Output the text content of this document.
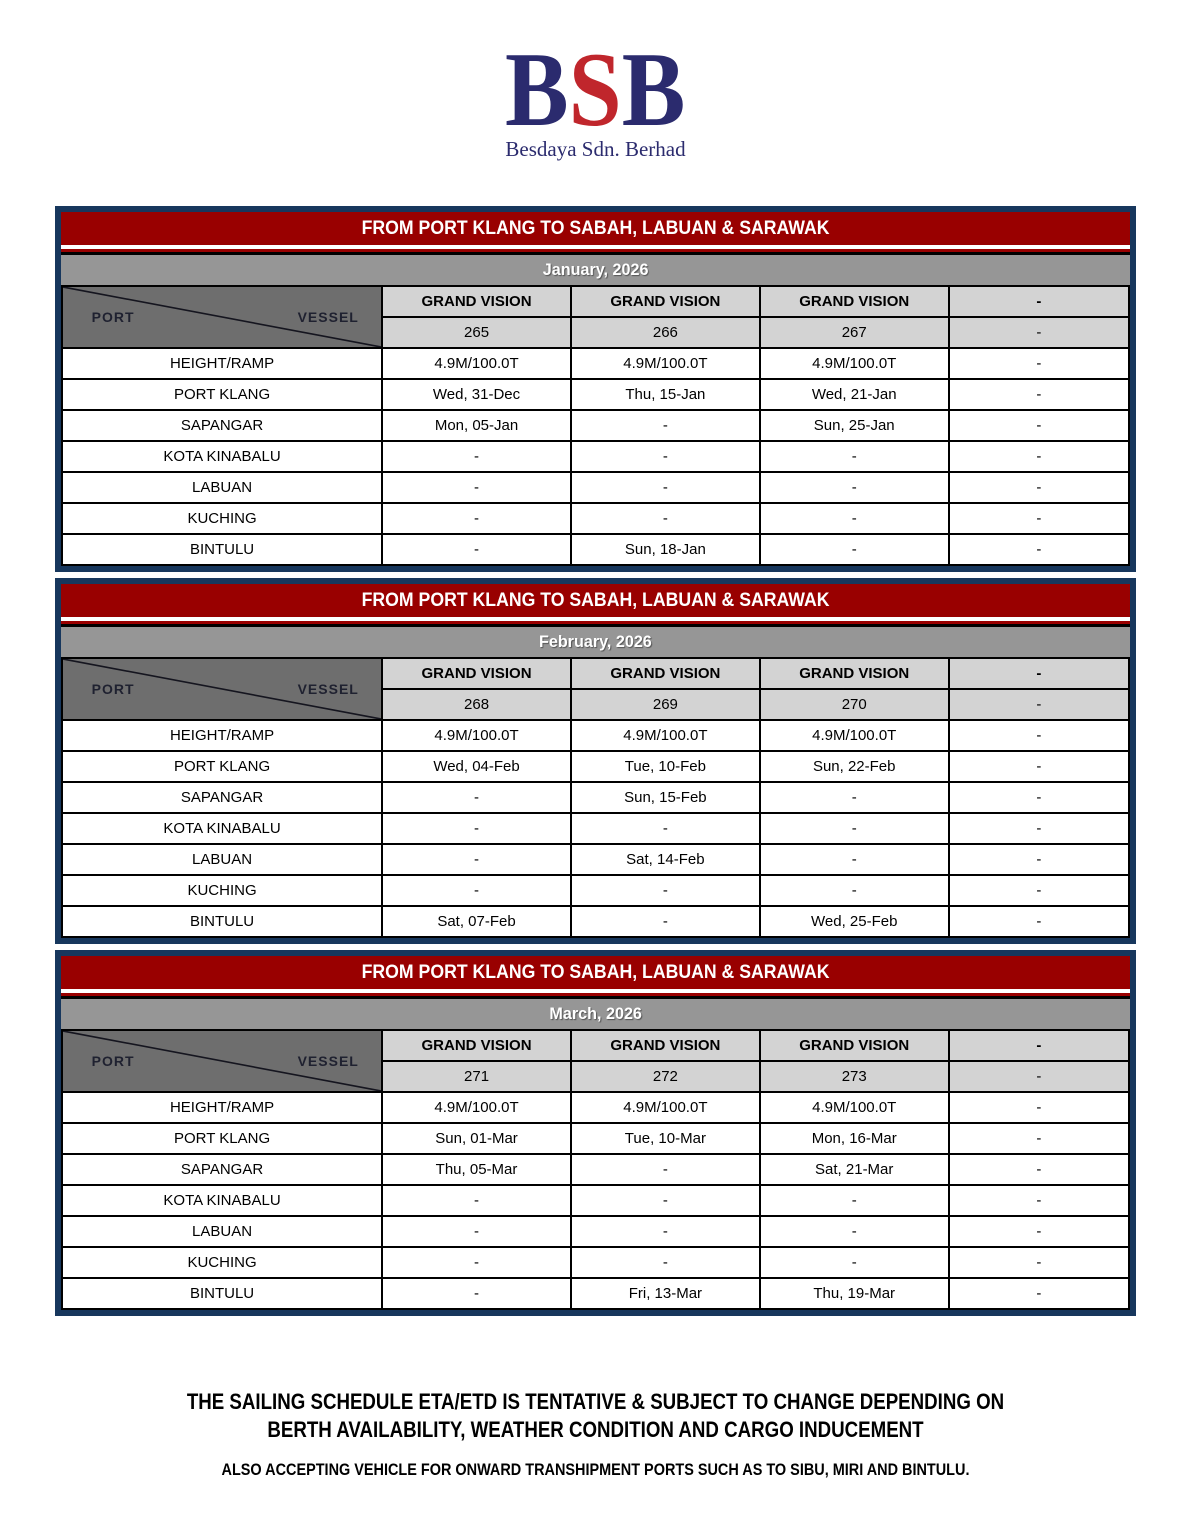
BSB
Besdaya Sdn. Berhad
FROM PORT KLANG TO SABAH, LABUAN & SARAWAK
January, 2026
PORT VESSEL	GRAND VISION	GRAND VISION	GRAND VISION	-
	265	266	267	-
HEIGHT/RAMP	4.9M/100.0T	4.9M/100.0T	4.9M/100.0T	-
PORT KLANG	Wed, 31-Dec	Thu, 15-Jan	Wed, 21-Jan	-
SAPANGAR	Mon, 05-Jan	-	Sun, 25-Jan	-
KOTA KINABALU	-	-	-	-
LABUAN	-	-	-	-
KUCHING	-	-	-	-
BINTULU	-	Sun, 18-Jan	-	-
FROM PORT KLANG TO SABAH, LABUAN & SARAWAK
February, 2026
PORT VESSEL	GRAND VISION	GRAND VISION	GRAND VISION	-
	268	269	270	-
HEIGHT/RAMP	4.9M/100.0T	4.9M/100.0T	4.9M/100.0T	-
PORT KLANG	Wed, 04-Feb	Tue, 10-Feb	Sun, 22-Feb	-
SAPANGAR	-	Sun, 15-Feb	-	-
KOTA KINABALU	-	-	-	-
LABUAN	-	Sat, 14-Feb	-	-
KUCHING	-	-	-	-
BINTULU	Sat, 07-Feb	-	Wed, 25-Feb	-
FROM PORT KLANG TO SABAH, LABUAN & SARAWAK
March, 2026
PORT VESSEL	GRAND VISION	GRAND VISION	GRAND VISION	-
	271	272	273	-
HEIGHT/RAMP	4.9M/100.0T	4.9M/100.0T	4.9M/100.0T	-
PORT KLANG	Sun, 01-Mar	Tue, 10-Mar	Mon, 16-Mar	-
SAPANGAR	Thu, 05-Mar	-	Sat, 21-Mar	-
KOTA KINABALU	-	-	-	-
LABUAN	-	-	-	-
KUCHING	-	-	-	-
BINTULU	-	Fri, 13-Mar	Thu, 19-Mar	-
THE SAILING SCHEDULE ETA/ETD IS TENTATIVE & SUBJECT TO CHANGE DEPENDING ON
BERTH AVAILABILITY, WEATHER CONDITION AND CARGO INDUCEMENT
ALSO ACCEPTING VEHICLE FOR ONWARD TRANSHIPMENT PORTS SUCH AS TO SIBU, MIRI AND BINTULU.
